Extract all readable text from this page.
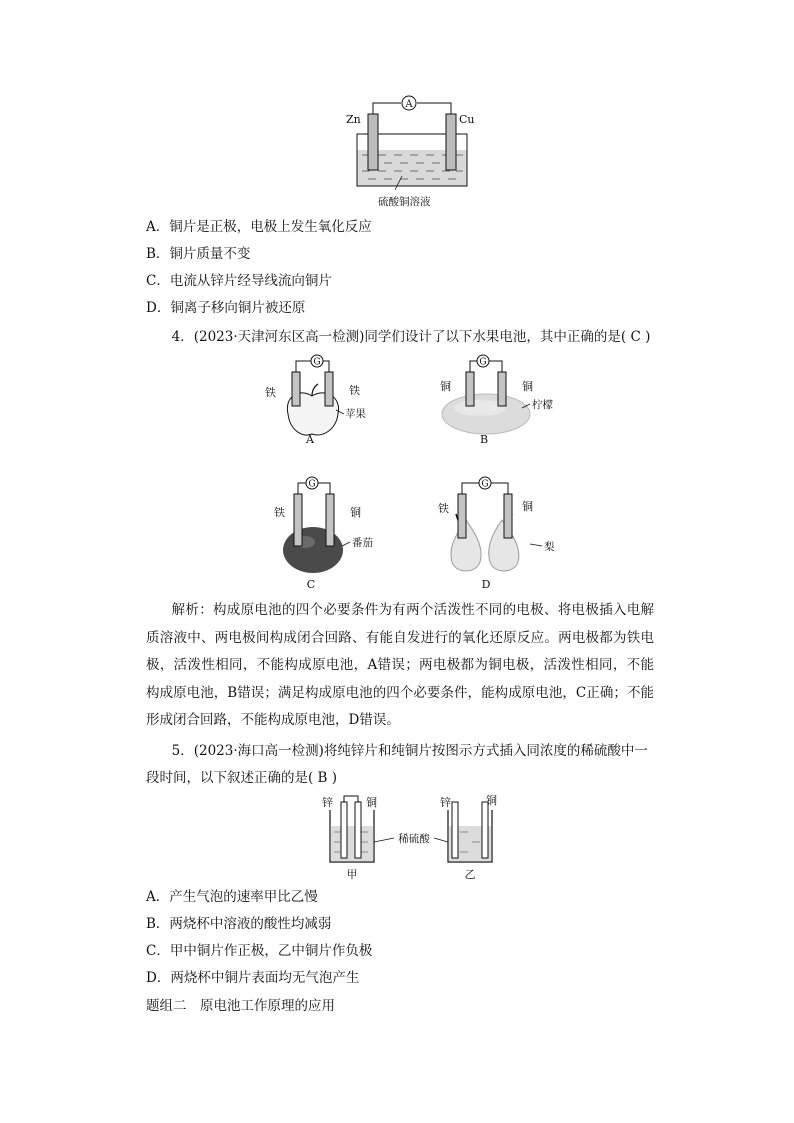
A
Zn	Cu
硫酸铜溶液
A．铜片是正极，电极上发生氧化反应
B．铜片质量不变
C．电流从锌片经导线流向铜片
D．铜离子移向铜片被还原
4．(2023·天津河东区高一检测)同学们设计了以下水果电池，其中正确的是( C )
G
铁	铁
苹果
A
G
铜	铜
柠檬
B
G
铁	铜
番茄
C
G
铁	铜
梨
D
解析：构成原电池的四个必要条件为有两个活泼性不同的电极、将电极插入电解质溶液中、两电极间构成闭合回路、有能自发进行的氧化还原反应。两电极都为铁电极，活泼性相同，不能构成原电池，A错误；两电极都为铜电极，活泼性相同，不能构成原电池，B错误；满足构成原电池的四个必要条件，能构成原电池，C正确；不能形成闭合回路，不能构成原电池，D错误。
5．(2023·海口高一检测)将纯锌片和纯铜片按图示方式插入同浓度的稀硫酸中一段时间，以下叙述正确的是( B )
锌	铜
甲
稀硫酸
锌	铜
乙
A．产生气泡的速率甲比乙慢
B．两烧杯中溶液的酸性均减弱
C．甲中铜片作正极，乙中铜片作负极
D．两烧杯中铜片表面均无气泡产生
题组二　原电池工作原理的应用
